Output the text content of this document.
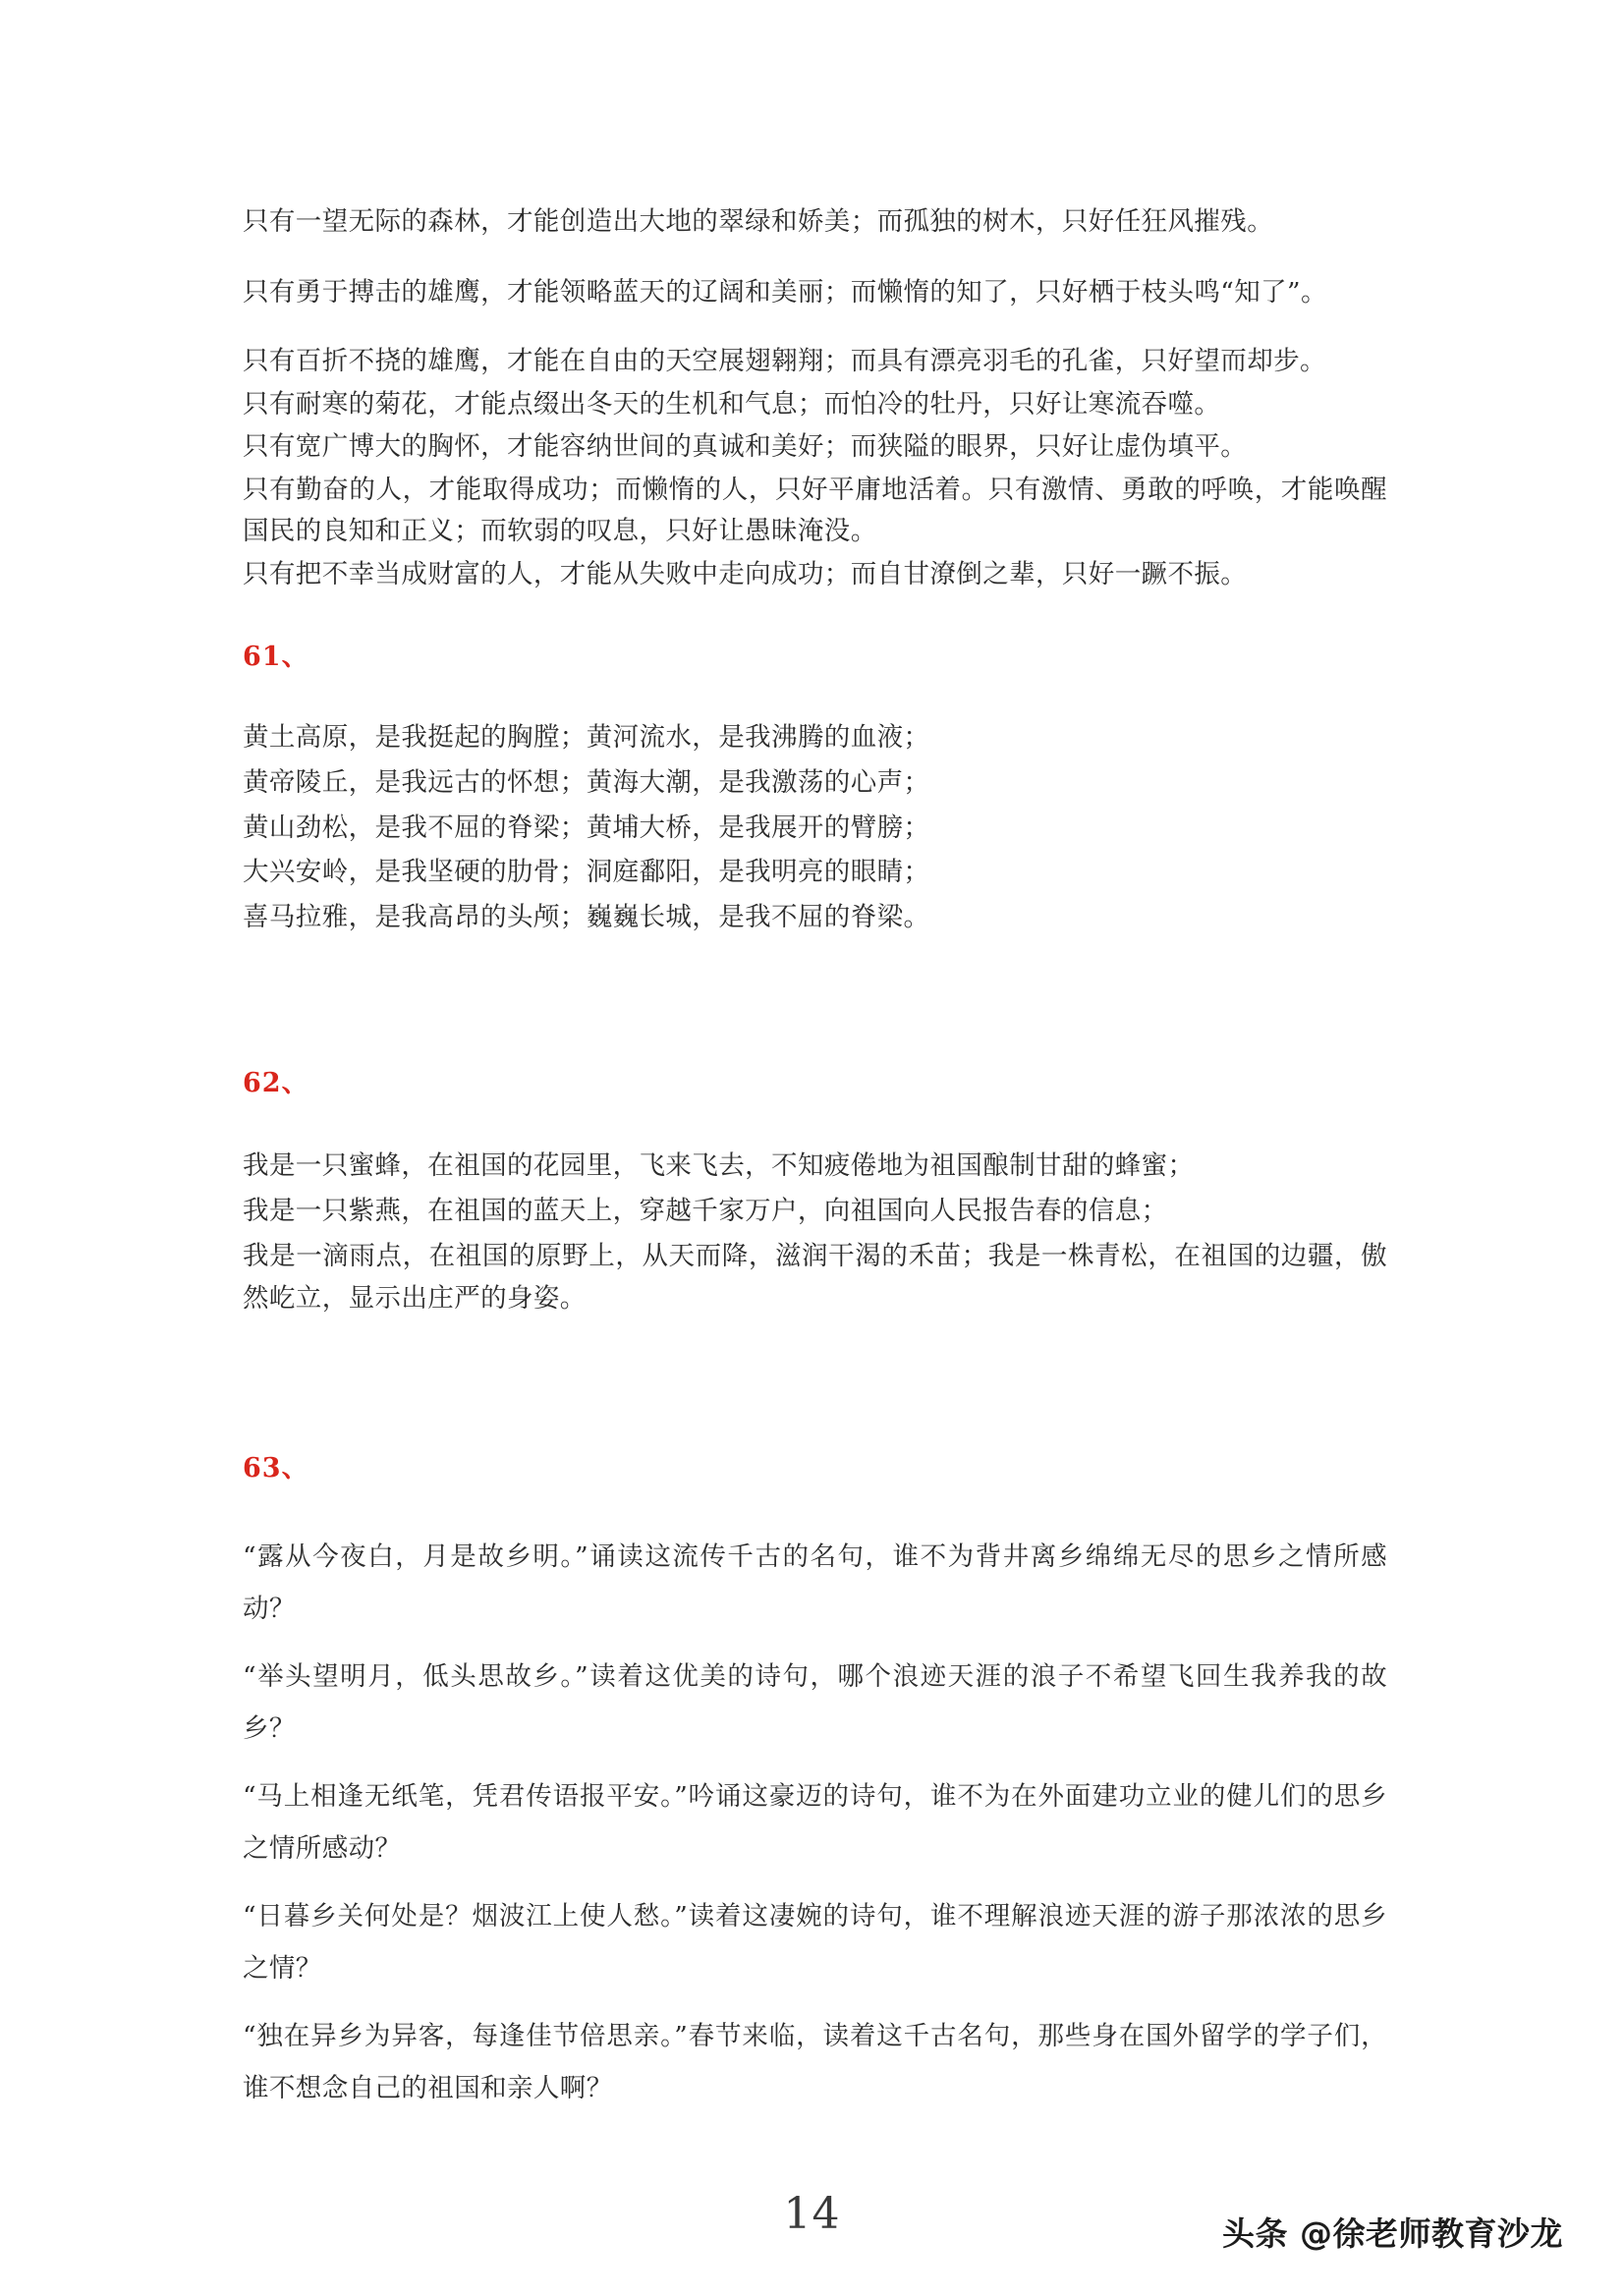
只有一望无际的森林，才能创造出大地的翠绿和娇美；而孤独的树木，只好任狂风摧残。

只有勇于搏击的雄鹰，才能领略蓝天的辽阔和美丽；而懒惰的知了，只好栖于枝头鸣“知了”。

只有百折不挠的雄鹰，才能在自由的天空展翅翱翔；而具有漂亮羽毛的孔雀，只好望而却步。

只有耐寒的菊花，才能点缀出冬天的生机和气息；而怕冷的牡丹，只好让寒流吞噬。

只有宽广博大的胸怀，才能容纳世间的真诚和美好；而狭隘的眼界，只好让虚伪填平。

只有勤奋的人，才能取得成功；而懒惰的人，只好平庸地活着。只有激情、勇敢的呼唤，才能唤醒国民的良知和正义；而软弱的叹息，只好让愚昧淹没。

只有把不幸当成财富的人，才能从失败中走向成功；而自甘潦倒之辈，只好一蹶不振。

61、

黄土高原，是我挺起的胸膛；黄河流水，是我沸腾的血液；

黄帝陵丘，是我远古的怀想；黄海大潮，是我激荡的心声；

黄山劲松，是我不屈的脊梁；黄埔大桥，是我展开的臂膀；

大兴安岭，是我坚硬的肋骨；洞庭鄱阳，是我明亮的眼睛；

喜马拉雅，是我高昂的头颅；巍巍长城，是我不屈的脊梁。

62、

我是一只蜜蜂，在祖国的花园里，飞来飞去，不知疲倦地为祖国酿制甘甜的蜂蜜；

我是一只紫燕，在祖国的蓝天上，穿越千家万户，向祖国向人民报告春的信息；

我是一滴雨点，在祖国的原野上，从天而降，滋润干渴的禾苗；我是一株青松，在祖国的边疆，傲然屹立，显示出庄严的身姿。

63、

“露从今夜白，月是故乡明。”诵读这流传千古的名句，谁不为背井离乡绵绵无尽的思乡之情所感动？

“举头望明月，低头思故乡。”读着这优美的诗句，哪个浪迹天涯的浪子不希望飞回生我养我的故乡？

“马上相逢无纸笔，凭君传语报平安。”吟诵这豪迈的诗句，谁不为在外面建功立业的健儿们的思乡之情所感动？

“日暮乡关何处是？烟波江上使人愁。”读着这凄婉的诗句，谁不理解浪迹天涯的游子那浓浓的思乡之情？

“独在异乡为异客，每逢佳节倍思亲。”春节来临，读着这千古名句，那些身在国外留学的学子们，谁不想念自己的祖国和亲人啊？

14	头条 @徐老师教育沙龙
